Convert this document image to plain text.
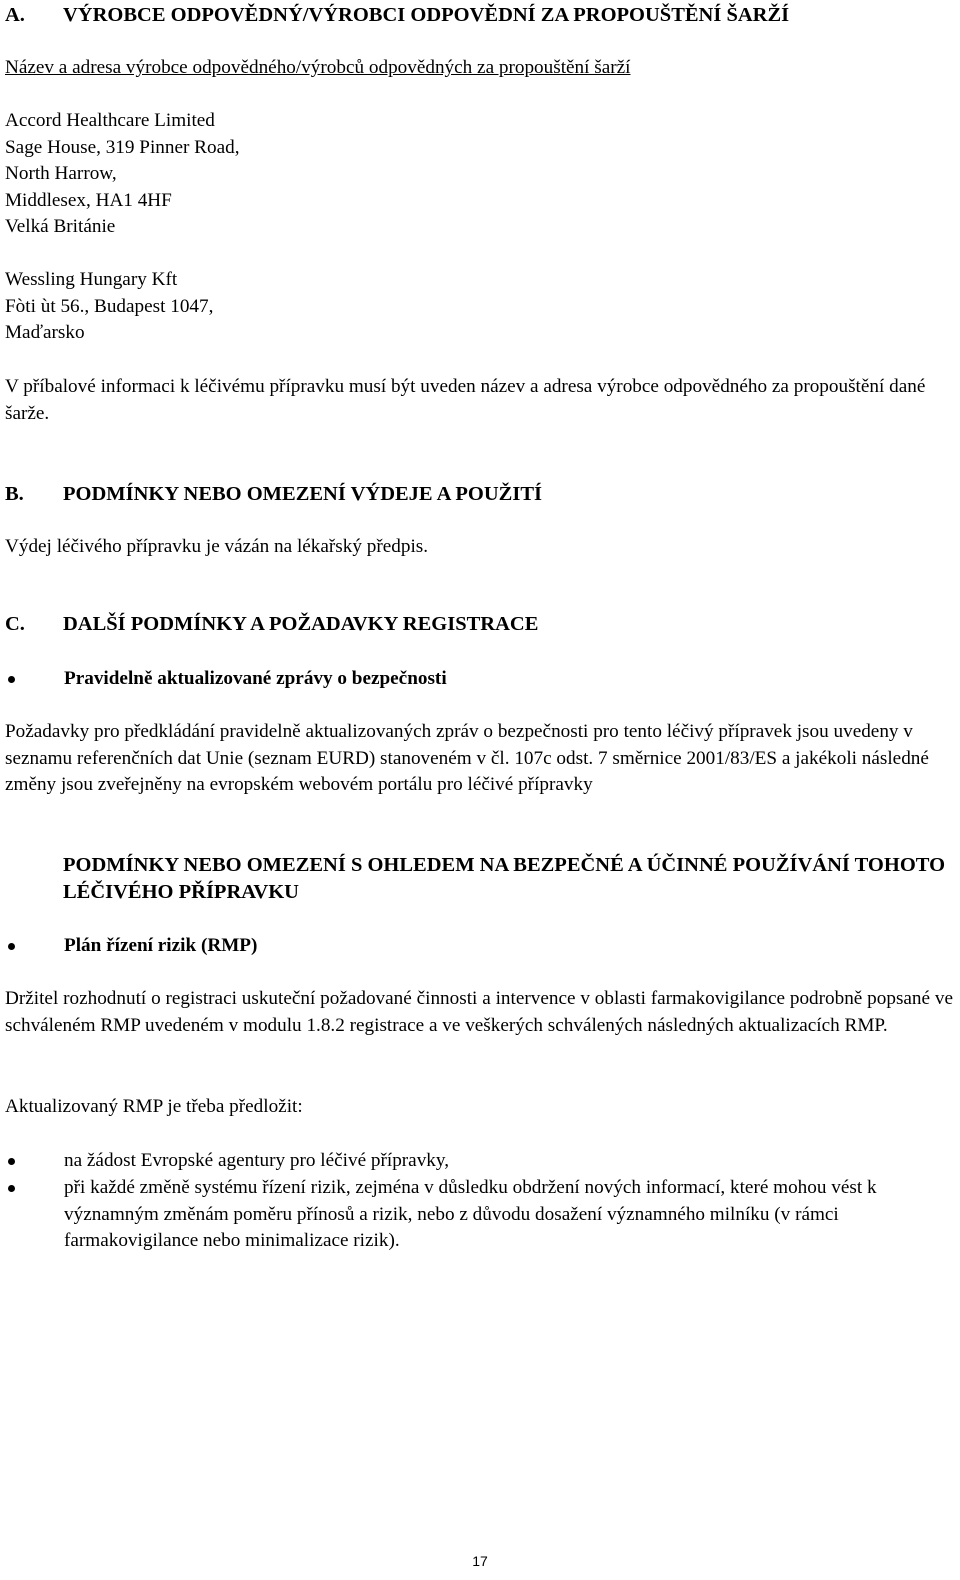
A. VÝROBCE ODPOVĚDNÝ/VÝROBCI ODPOVĚDNÍ ZA PROPOUŠTĚNÍ ŠARŽÍ
Název a adresa výrobce odpovědného/výrobců odpovědných za propouštění šarží
Accord Healthcare Limited
Sage House, 319 Pinner Road,
North Harrow,
Middlesex, HA1 4HF
Velká Británie
Wessling Hungary Kft
Fòti ùt 56., Budapest 1047,
Maďarsko
V příbalové informaci k léčivému přípravku musí být uveden název a adresa výrobce odpovědného za propouštění dané šarže.
B. PODMÍNKY NEBO OMEZENÍ VÝDEJE A POUŽITÍ
Výdej léčivého přípravku je vázán na lékařský předpis.
C. DALŠÍ PODMÍNKY A POŽADAVKY REGISTRACE
Pravidelně aktualizované zprávy o bezpečnosti
Požadavky pro předkládání pravidelně aktualizovaných zpráv o bezpečnosti pro tento léčivý přípravek jsou uvedeny v seznamu referenčních dat Unie (seznam EURD) stanoveném v čl. 107c odst. 7 směrnice 2001/83/ES a jakékoli následné změny jsou zveřejněny na evropském webovém portálu pro léčivé přípravky
PODMÍNKY NEBO OMEZENÍ S OHLEDEM NA BEZPEČNÉ A ÚČINNÉ POUŽÍVÁNÍ TOHOTO LÉČIVÉHO PŘÍPRAVKU
Plán řízení rizik (RMP)
Držitel rozhodnutí o registraci uskuteční požadované činnosti a intervence v oblasti farmakovigilance podrobně popsané ve schváleném RMP uvedeném v modulu 1.8.2 registrace a ve veškerých schválených následných aktualizacích RMP.
Aktualizovaný RMP je třeba předložit:
na žádost Evropské agentury pro léčivé přípravky,
při každé změně systému řízení rizik, zejména v důsledku obdržení nových informací, které mohou vést k významným změnám poměru přínosů a rizik, nebo z důvodu dosažení významného milníku (v rámci farmakovigilance nebo minimalizace rizik).
17
